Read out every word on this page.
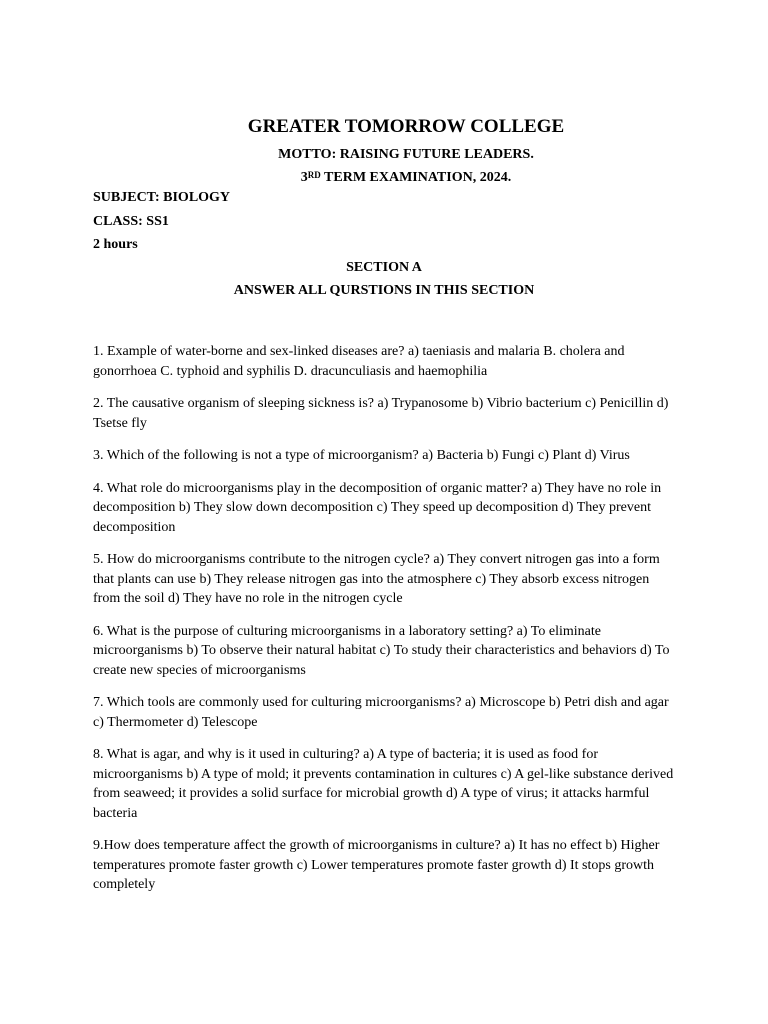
GREATER TOMORROW COLLEGE

MOTTO: RAISING FUTURE LEADERS.

3RD TERM EXAMINATION, 2024.

SUBJECT: BIOLOGY

CLASS: SS1

2 hours

SECTION A

ANSWER ALL QURSTIONS IN THIS SECTION

1. Example of water-borne and sex-linked diseases are? a) taeniasis and malaria B. cholera and gonorrhoea C. typhoid and syphilis D. dracunculiasis and haemophilia

2. The causative organism of sleeping sickness is? a) Trypanosome b) Vibrio bacterium c) Penicillin d) Tsetse fly

3. Which of the following is not a type of microorganism? a) Bacteria b) Fungi c) Plant d) Virus

4. What role do microorganisms play in the decomposition of organic matter? a) They have no role in decomposition b) They slow down decomposition c) They speed up decomposition d) They prevent decomposition

5. How do microorganisms contribute to the nitrogen cycle? a) They convert nitrogen gas into a form that plants can use b) They release nitrogen gas into the atmosphere c) They absorb excess nitrogen from the soil d) They have no role in the nitrogen cycle

6. What is the purpose of culturing microorganisms in a laboratory setting? a) To eliminate microorganisms b) To observe their natural habitat c) To study their characteristics and behaviors d) To create new species of microorganisms

7. Which tools are commonly used for culturing microorganisms? a) Microscope b) Petri dish and agar c) Thermometer d) Telescope

8. What is agar, and why is it used in culturing? a) A type of bacteria; it is used as food for microorganisms b) A type of mold; it prevents contamination in cultures c) A gel-like substance derived from seaweed; it provides a solid surface for microbial growth d) A type of virus; it attacks harmful bacteria

9.How does temperature affect the growth of microorganisms in culture? a) It has no effect b) Higher temperatures promote faster growth c) Lower temperatures promote faster growth d) It stops growth completely
